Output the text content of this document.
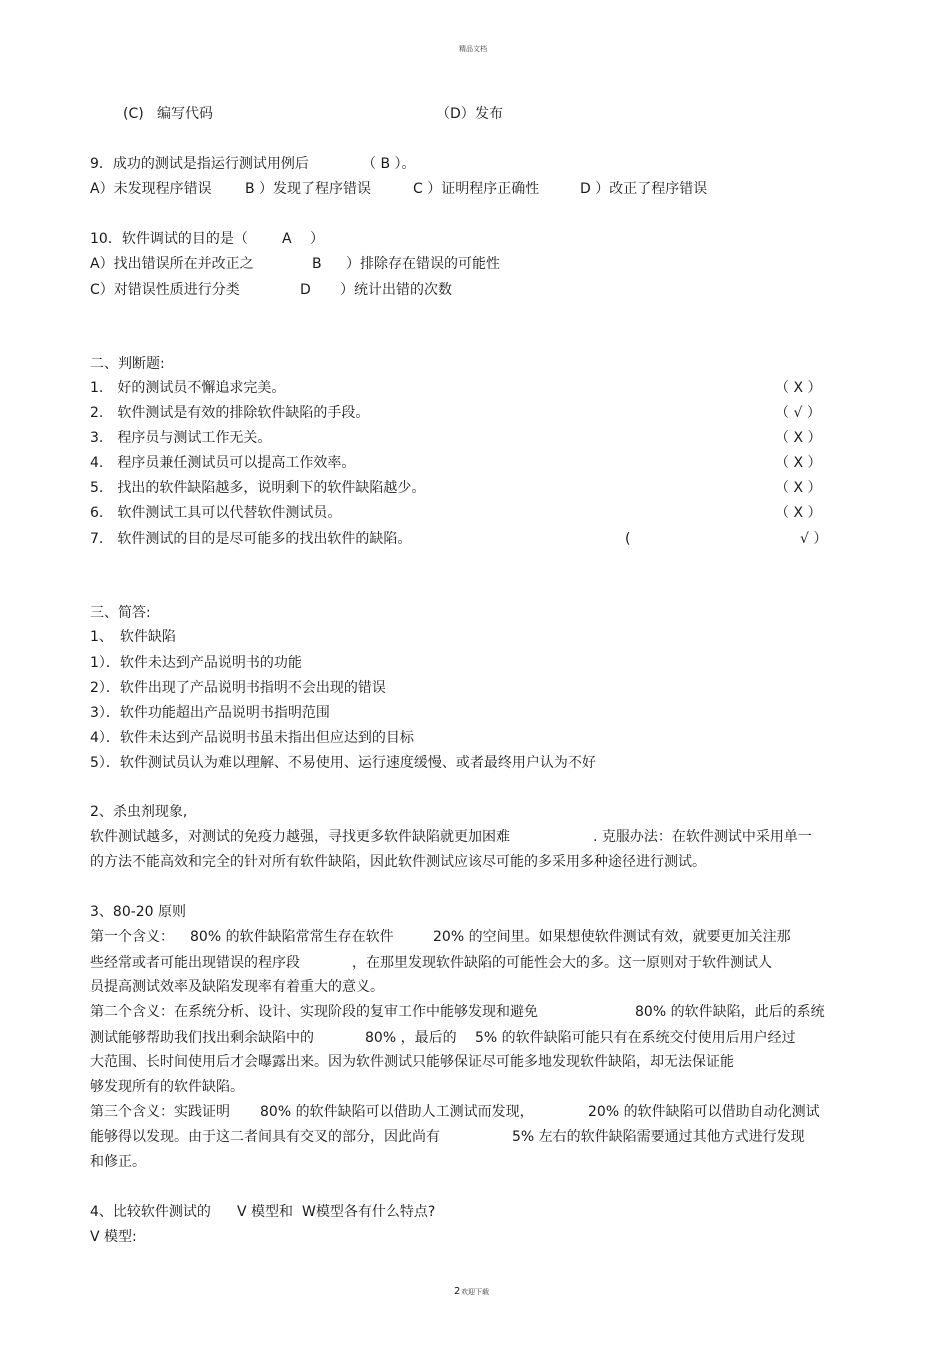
精品文档
(C) 编写代码	（D） 发布
9．成功的测试是指运行测试用例后	（ B ）。
A）未发现程序错误 B ）发现了程序错误	C ）证明程序正确性	D ）改正了程序错误
10．软件调试的目的是（ A ）
A）找出错误所在并改正之	B ）排除存在错误的可能性
C）对错误性质进行分类	D ）统计出错的次数
二、判断题:
1.　好的测试员不懈追求完美。	（ X ）
2.　软件测试是有效的排除软件缺陷的手段。	（ √ ）
3.　程序员与测试工作无关。	（ X ）
4.　程序员兼任测试员可以提高工作效率。	（ X ）
5.　找出的软件缺陷越多，说明剩下的软件缺陷越少。	（ X ）
6.　软件测试工具可以代替软件测试员。	（ X ）
7.　软件测试的目的是尽可能多的找出软件的缺陷。	(	√ ）
三、简答:
1、　软件缺陷
1）．软件未达到产品说明书的功能
2）．软件出现了产品说明书指明不会出现的错误
3）．软件功能超出产品说明书指明范围
4）．软件未达到产品说明书虽未指出但应达到的目标
5）．软件测试员认为难以理解、不易使用、运行速度缓慢、或者最终用户认为不好
2、杀虫剂现象,
软件测试越多，对测试的免疫力越强，寻找更多软件缺陷就更加困难	. 克服办法：在软件测试中采用单一
的方法不能高效和完全的针对所有软件缺陷，因此软件测试应该尽可能的多采用多种途径进行测试。
3、80-20 原则
第一个含义： 80% 的软件缺陷常常生存在软件	20% 的空间里。如果想使软件测试有效，就要更加关注那
些经常或者可能出现错误的程序段	，在那里发现软件缺陷的可能性会大的多。这一原则对于软件测试人
员提高测试效率及缺陷发现率有着重大的意义。
第二个含义：在系统分析、设计、实现阶段的复审工作中能够发现和避免	80% 的软件缺陷，此后的系统
测试能够帮助我们找出剩余缺陷中的	80% ，最后的 5% 的软件缺陷可能只有在系统交付使用后用户经过
大范围、长时间使用后才会曝露出来。因为软件测试只能够保证尽可能多地发现软件缺陷，却无法保证能
够发现所有的软件缺陷。
第三个含义：实践证明 80% 的软件缺陷可以借助人工测试而发现，	20% 的软件缺陷可以借助自动化测试
能够得以发现。由于这二者间具有交叉的部分，因此尚有	5% 左右的软件缺陷需要通过其他方式进行发现
和修正。
4、比较软件测试的 V 模型和 W模型各有什么特点?
V 模型:
2 欢迎下载
